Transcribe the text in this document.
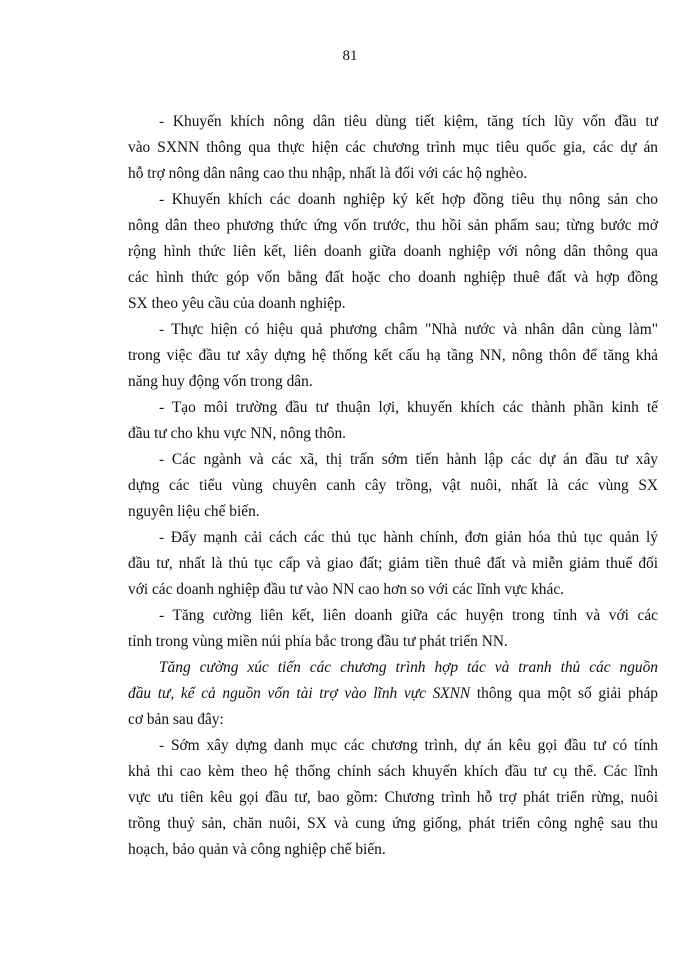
81

- Khuyến khích nông dân tiêu dùng tiết kiệm, tăng tích lũy vốn đầu tư
vào SXNN thông qua thực hiện các chương trình mục tiêu quốc gia, các dự án
hỗ trợ nông dân nâng cao thu nhập, nhất là đối với các hộ nghèo.

- Khuyến khích các doanh nghiệp ký kết hợp đồng tiêu thụ nông sản cho
nông dân theo phương thức ứng vốn trước, thu hồi sản phẩm sau; từng bước mở
rộng hình thức liên kết, liên doanh giữa doanh nghiệp với nông dân thông qua
các hình thức góp vốn bằng đất hoặc cho doanh nghiệp thuê đất và hợp đồng
SX theo yêu cầu của doanh nghiệp.

- Thực hiện có hiệu quả phương châm "Nhà nước và nhân dân cùng làm"
trong việc đầu tư xây dựng hệ thống kết cấu hạ tầng NN, nông thôn để tăng khả
năng huy động vốn trong dân.

- Tạo môi trường đầu tư thuận lợi, khuyến khích các thành phần kinh tế
đầu tư cho khu vực NN, nông thôn.

- Các ngành và các xã, thị trấn sớm tiến hành lập các dự án đầu tư xây
dựng các tiểu vùng chuyên canh cây trồng, vật nuôi, nhất là các vùng SX
nguyên liệu chế biến.

- Đẩy mạnh cải cách các thủ tục hành chính, đơn giản hóa thủ tục quản lý
đầu tư, nhất là thủ tục cấp và giao đất; giảm tiền thuê đất và miễn giảm thuế đối
với các doanh nghiệp đầu tư vào NN cao hơn so với các lĩnh vực khác.

- Tăng cường liên kết, liên doanh giữa các huyện trong tỉnh và với các
tỉnh trong vùng miền núi phía bắc trong đầu tư phát triển NN.

Tăng cường xúc tiến các chương trình hợp tác và tranh thủ các nguồn
đầu tư, kể cả nguồn vốn tài trợ vào lĩnh vực SXNN thông qua một số giải pháp
cơ bản sau đây:

- Sớm xây dựng danh mục các chương trình, dự án kêu gọi đầu tư có tính
khả thi cao kèm theo hệ thống chính sách khuyến khích đầu tư cụ thể. Các lĩnh
vực ưu tiên kêu gọi đầu tư, bao gồm: Chương trình hỗ trợ phát triển rừng, nuôi
trồng thuỷ sản, chăn nuôi, SX và cung ứng giống, phát triển công nghệ sau thu
hoạch, bảo quản và công nghiệp chế biến.
